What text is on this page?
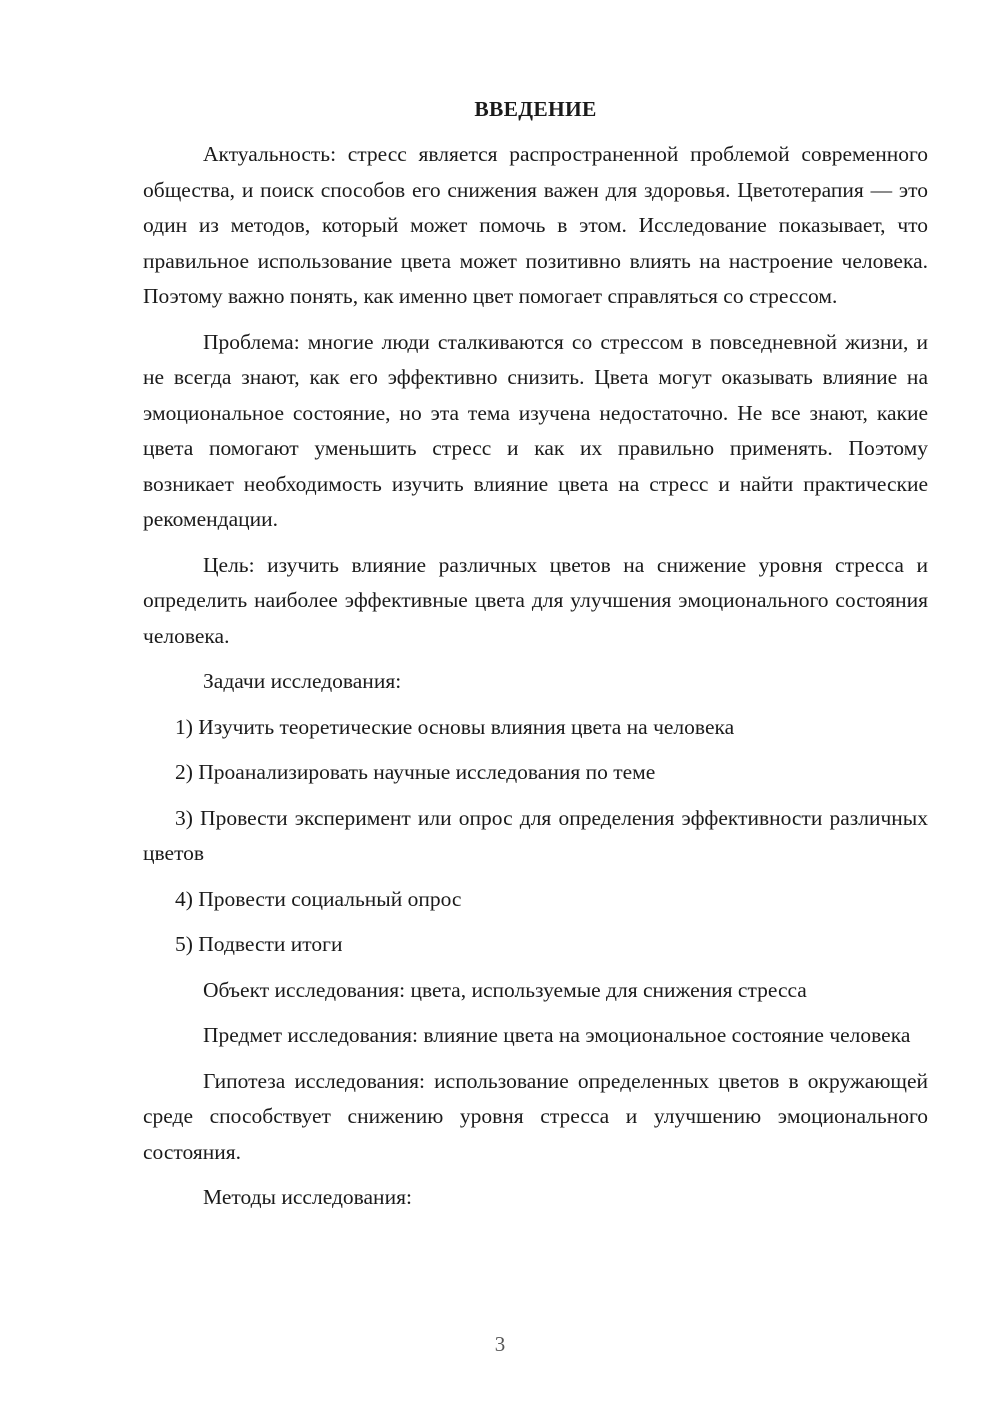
ВВЕДЕНИЕ

Актуальность: стресс является распространенной проблемой современного общества, и поиск способов его снижения важен для здоровья. Цветотерапия — это один из методов, который может помочь в этом. Исследование показывает, что правильное использование цвета может позитивно влиять на настроение человека. Поэтому важно понять, как именно цвет помогает справляться со стрессом.

Проблема: многие люди сталкиваются со стрессом в повседневной жизни, и не всегда знают, как его эффективно снизить. Цвета могут оказывать влияние на эмоциональное состояние, но эта тема изучена недостаточно. Не все знают, какие цвета помогают уменьшить стресс и как их правильно применять. Поэтому возникает необходимость изучить влияние цвета на стресс и найти практические рекомендации.

Цель: изучить влияние различных цветов на снижение уровня стресса и определить наиболее эффективные цвета для улучшения эмоционального состояния человека.

Задачи исследования:

1) Изучить теоретические основы влияния цвета на человека

2) Проанализировать научные исследования по теме

3) Провести эксперимент или опрос для определения эффективности различных цветов

4) Провести социальный опрос

5) Подвести итоги

Объект исследования: цвета, используемые для снижения стресса

Предмет исследования: влияние цвета на эмоциональное состояние человека

Гипотеза исследования: использование определенных цветов в окружающей среде способствует снижению уровня стресса и улучшению эмоционального состояния.

Методы исследования:

3
